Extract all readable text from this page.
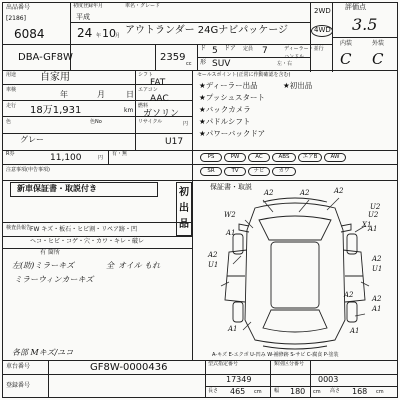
出品番号
[2186]
6084
初度登録年月
平成
24 年 10 月
車名・グレード
アウトランダー 24Gナビパッケージ
2WD
4WD
評価点
3.5
内装	外装
C C
DBA-GF8W	2359
cc
ド 5 ドア 定員 7
形 SUV	左・右
ディーラー・並行
ハンドル
用途 自家用
車検	年	月	日
走行 18万1,931	km
色
グレー
色No
シフト
FAT
エアコン
AAC
燃料
ガソリン
リサイクル	円
U17
セールスポイント(正常に作動確認を含む)
★ディーラー出品	★初出品
★プッシュスタート
★バックカメラ
★パドルシフト
★パワーバックドア
R券	11,100	円
有・無	PS	PW	AC	ABS	エアB	AW
SR	TV	ナビ	カワ
注意事項(申告事項)
新車保証書・取説付き	初出品
検査員報告
FW キズ・板石・ヒビ割・リペア跡・凹
ヘコ・ヒビ・コゲ・穴・カワ・キレ・破レ
有 箇所
左(助)ミラーキズ
ミラーウィンカーキズ
オイル もれ
全
各部 Mキズ/ユコ
保証書・取説
A2	A2	A2
W2	U2
U2
X1
A1	A1
A2
U1
A2
U1
A2	A2
A1
A1
A1
A-キズ E-エクボ U-凹み W-補修跡 S-サビ C-腐食 P-塗装
車台番号	GF8W-0000436
登録番号
型式指定番号
17349
類別区分番号
0003
長さ 465 cm 幅 180 cm 高さ 168 cm
